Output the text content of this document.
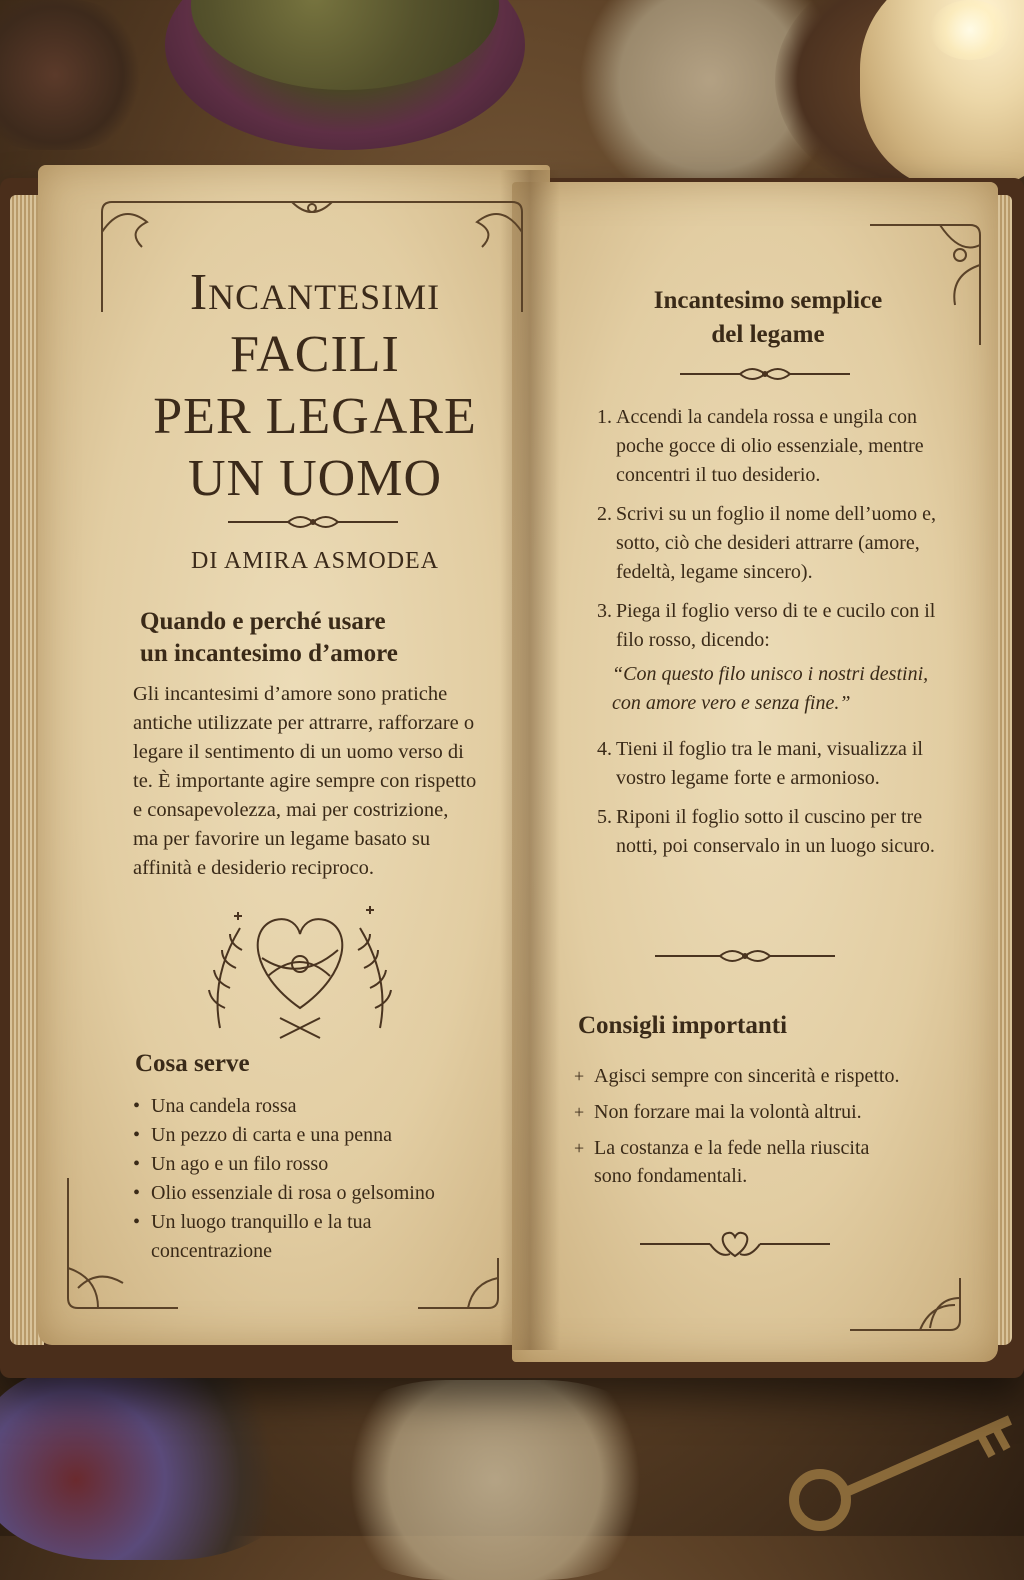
Incantesimi
FACILI
PER LEGARE
UN UOMO
DI AMIRA ASMODEA
Quando e perché usare
un incantesimo d’amore

Gli incantesimi d’amore sono pratiche antiche utilizzate per attrarre, rafforzare o legare il sentimento di un uomo verso di te. È importante agire sempre con rispetto e consapevolezza, mai per costrizione, ma per favorire un legame basato su affinità e desiderio reciproco.

Cosa serve
• Una candela rossa
• Un pezzo di carta e una penna
• Un ago e un filo rosso
• Olio essenziale di rosa o gelsomino
• Un luogo tranquillo e la tua concentrazione
Incantesimo semplice
del legame
1. Accendi la candela rossa e ungila con poche gocce di olio essenziale, mentre concentri il tuo desiderio.
2. Scrivi su un foglio il nome dell’uomo e, sotto, ciò che desideri attrarre (amore, fedeltà, legame sincero).
3. Piega il foglio verso di te e cucilo con il filo rosso, dicendo:

“Con questo filo unisco i nostri destini, con amore vero e senza fine.”

4. Tieni il foglio tra le mani, visualizza il vostro legame forte e armonioso.
5. Riponi il foglio sotto il cuscino per tre notti, poi conservalo in un luogo sicuro.
Consigli importanti
+ Agisci sempre con sincerità e rispetto.
+ Non forzare mai la volontà altrui.
+ La costanza e la fede nella riuscita sono fondamentali.
